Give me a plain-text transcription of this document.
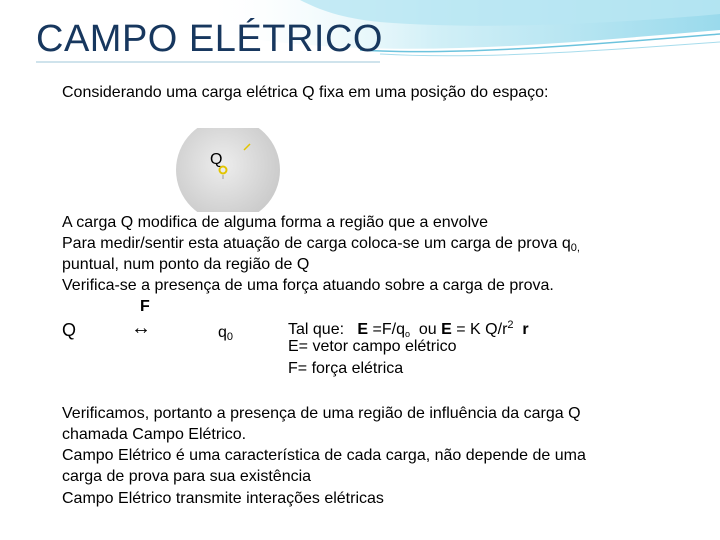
CAMPO ELÉTRICO
Considerando uma carga elétrica Q fixa em uma posição do espaço:
Q
A carga Q modifica de alguma forma a região que a envolve
Para medir/sentir esta atuação de carga coloca-se um carga de prova $q_{0,}$
puntual, num ponto da região de Q
Verifica-se a presença de uma força atuando sobre a carga de prova.
F
Q	↔	$q_0$	Tal que: $E =F/q_o$ ou E = K $Q/r^2$ r
E= vetor campo elétrico
F= força elétrica
Verificamos, portanto a presença de uma região de influência da carga Q
chamada Campo Elétrico.
Campo Elétrico é uma característica de cada carga, não depende de uma
carga de prova para sua existência
Campo Elétrico transmite interações elétricas
